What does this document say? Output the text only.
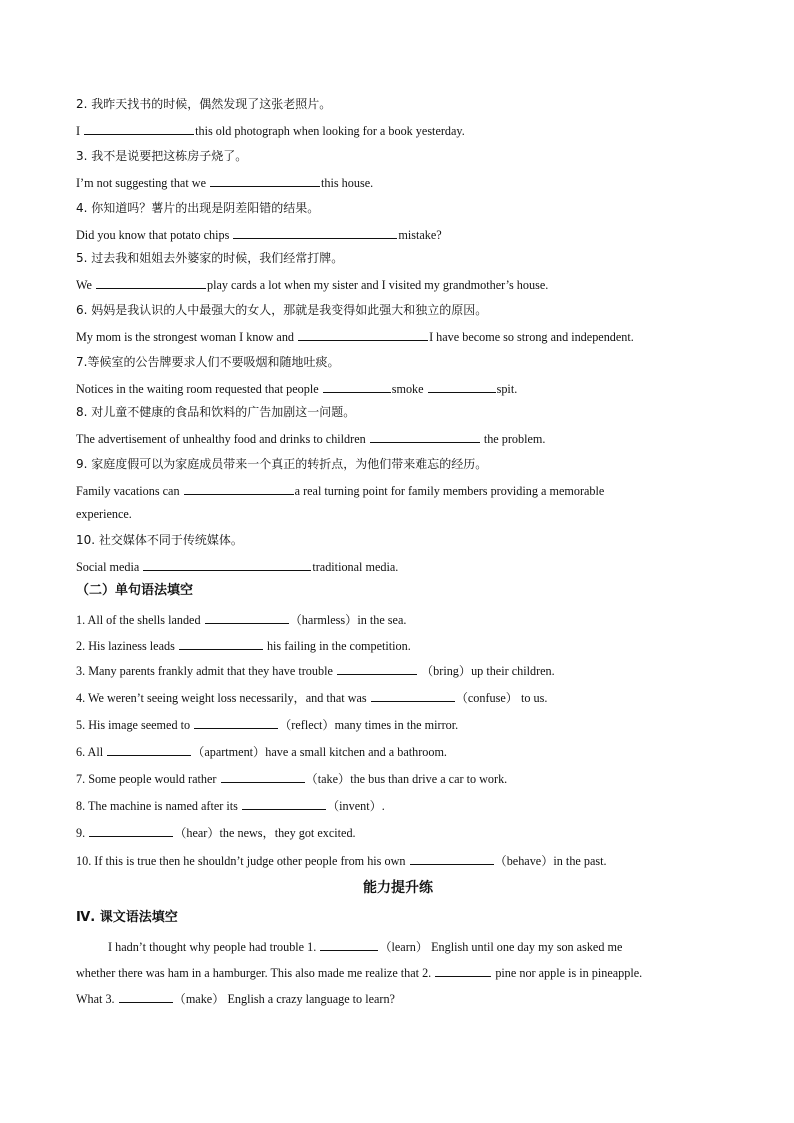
2. 我昨天找书的时候，偶然发现了这张老照片。
I	this old photograph when looking for a book yesterday.
3. 我不是说要把这栋房子烧了。
I’m not suggesting that we	this house.
4. 你知道吗？薯片的出现是阴差阳错的结果。
Did you know that potato chips	mistake?
5. 过去我和姐姐去外婆家的时候，我们经常打牌。
We	play cards a lot when my sister and I visited my grandmother’s house.
6. 妈妈是我认识的人中最强大的女人，那就是我变得如此强大和独立的原因。
My mom is the strongest woman I know and	I have become so strong and independent.
7.等候室的公告牌要求人们不要吸烟和随地吐痰。
Notices in the waiting room requested that people	smoke	spit.
8. 对儿童不健康的食品和饮料的广告加剧这一问题。
The advertisement of unhealthy food and drinks to children	the problem.
9. 家庭度假可以为家庭成员带来一个真正的转折点，为他们带来难忘的经历。
Family vacations can	a real turning point for family members providing a memorable
experience.
10. 社交媒体不同于传统媒体。
Social media	traditional media.
（二）单句语法填空
1. All of the shells landed	（harmless）in the sea.
2. His laziness leads	his failing in the competition.
3. Many parents frankly admit that they have trouble	（bring）up their children.
4. We weren’t seeing weight loss necessarily，and that was	（confuse） to us.
5. His image seemed to	（reflect）many times in the mirror.
6. All	（apartment）have a small kitchen and a bathroom.
7. Some people would rather	（take）the bus than drive a car to work.
8. The machine is named after its	（invent）.
9.	（hear）the news，they got excited.
10. If this is true then he shouldn’t judge other people from his own	（behave）in the past.
能力提升练
Ⅳ. 课文语法填空
I hadn’t thought why people had trouble 1.	（learn） English until one day my son asked me
whether there was ham in a hamburger. This also made me realize that 2.	pine nor apple is in pineapple.
What 3.	（make） English a crazy language to learn?
